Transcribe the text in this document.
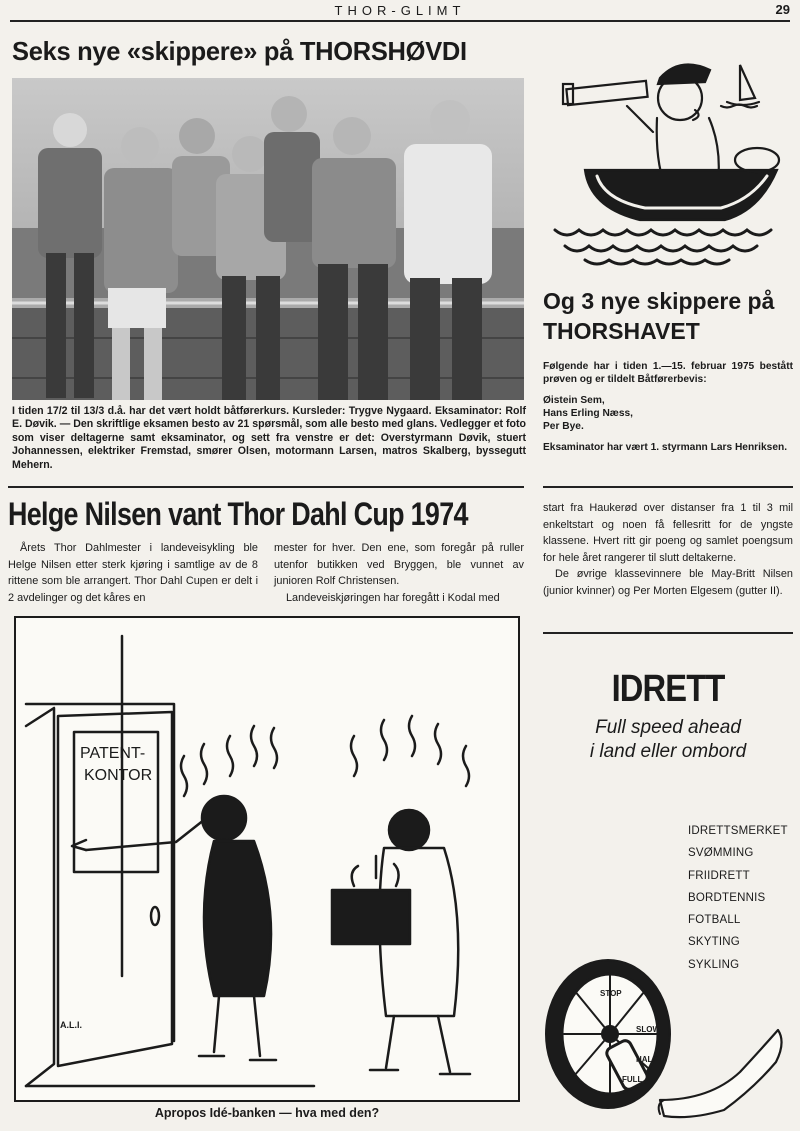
THOR-GLIMT	29
Seks nye «skippere» på THORSHØVDI

I tiden 17/2 til 13/3 d.å. har det vært holdt båtførerkurs. Kursleder: Trygve Nygaard. Eksaminator: Rolf E. Døvik. — Den skriftlige eksamen besto av 21 spørsmål, som alle besto med glans. Vedlegger et foto som viser deltagerne samt eksaminator, og sett fra venstre er det: Overstyrmann Døvik, stuert Johannessen, elektriker Fremstad, smører Olsen, motormann Larsen, matros Skalberg, byssegutt Mehern.

Og 3 nye skippere på THORSHAVET

Følgende har i tiden 1.—15. februar 1975 bestått prøven og er tildelt Båtførerbevis:

Øistein Sem,
Hans Erling Næss,
Per Bye.

Eksaminator har vært 1. styrmann Lars Henriksen.

Helge Nilsen vant Thor Dahl Cup 1974

Årets Thor Dahlmester i landeveisykling ble Helge Nilsen etter sterk kjøring i samtlige av de 8 rittene som ble arrangert. Thor Dahl Cupen er delt i 2 avdelinger og det kåres en

mester for hver. Den ene, som foregår på ruller utenfor butikken ved Bryggen, ble vunnet av junioren Rolf Christensen.

Landeveiskjøringen har foregått i Kodal med

start fra Haukerød over distanser fra 1 til 3 mil enkeltstart og noen få fellesritt for de yngste klassene. Hvert ritt gir poeng og samlet poengsum for hele året rangerer til slutt deltakerne.

De øvrige klassevinnere ble May-Britt Nilsen (junior kvinner) og Per Morten Elgesem (gutter II).

PATENT-
KONTOR
A.L.I.
Apropos Idé-banken — hva med den?
IDRETT
Full speed ahead
i land eller ombord
IDRETTSMERKET
SVØMMING
FRIIDRETT
BORDTENNIS
FOTBALL
SKYTING
SYKLING
STOP
SLOW
HALF
FULL
